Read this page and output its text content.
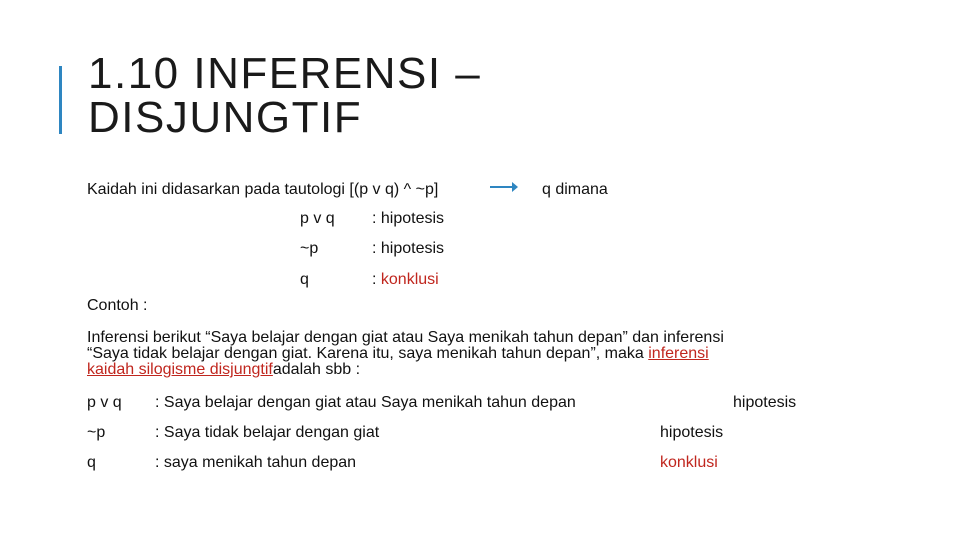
1.10 INFERENSI –
DISJUNGTIF
Kaidah ini didasarkan pada tautologi [(p v q) ^ ~p]	q dimana
p v q : hipotesis
~p	: hipotesis
q	: konklusi
Contoh :
Inferensi berikut “Saya belajar dengan giat atau Saya menikah tahun depan” dan inferensi
“Saya tidak belajar dengan giat. Karena itu, saya menikah tahun depan”, maka inferensi
kaidah silogisme disjungtifadalah sbb :
p v q : Saya belajar dengan giat atau Saya menikah tahun depan	hipotesis
~p	: Saya tidak belajar dengan giat	hipotesis
q	: saya menikah tahun depan	konklusi
